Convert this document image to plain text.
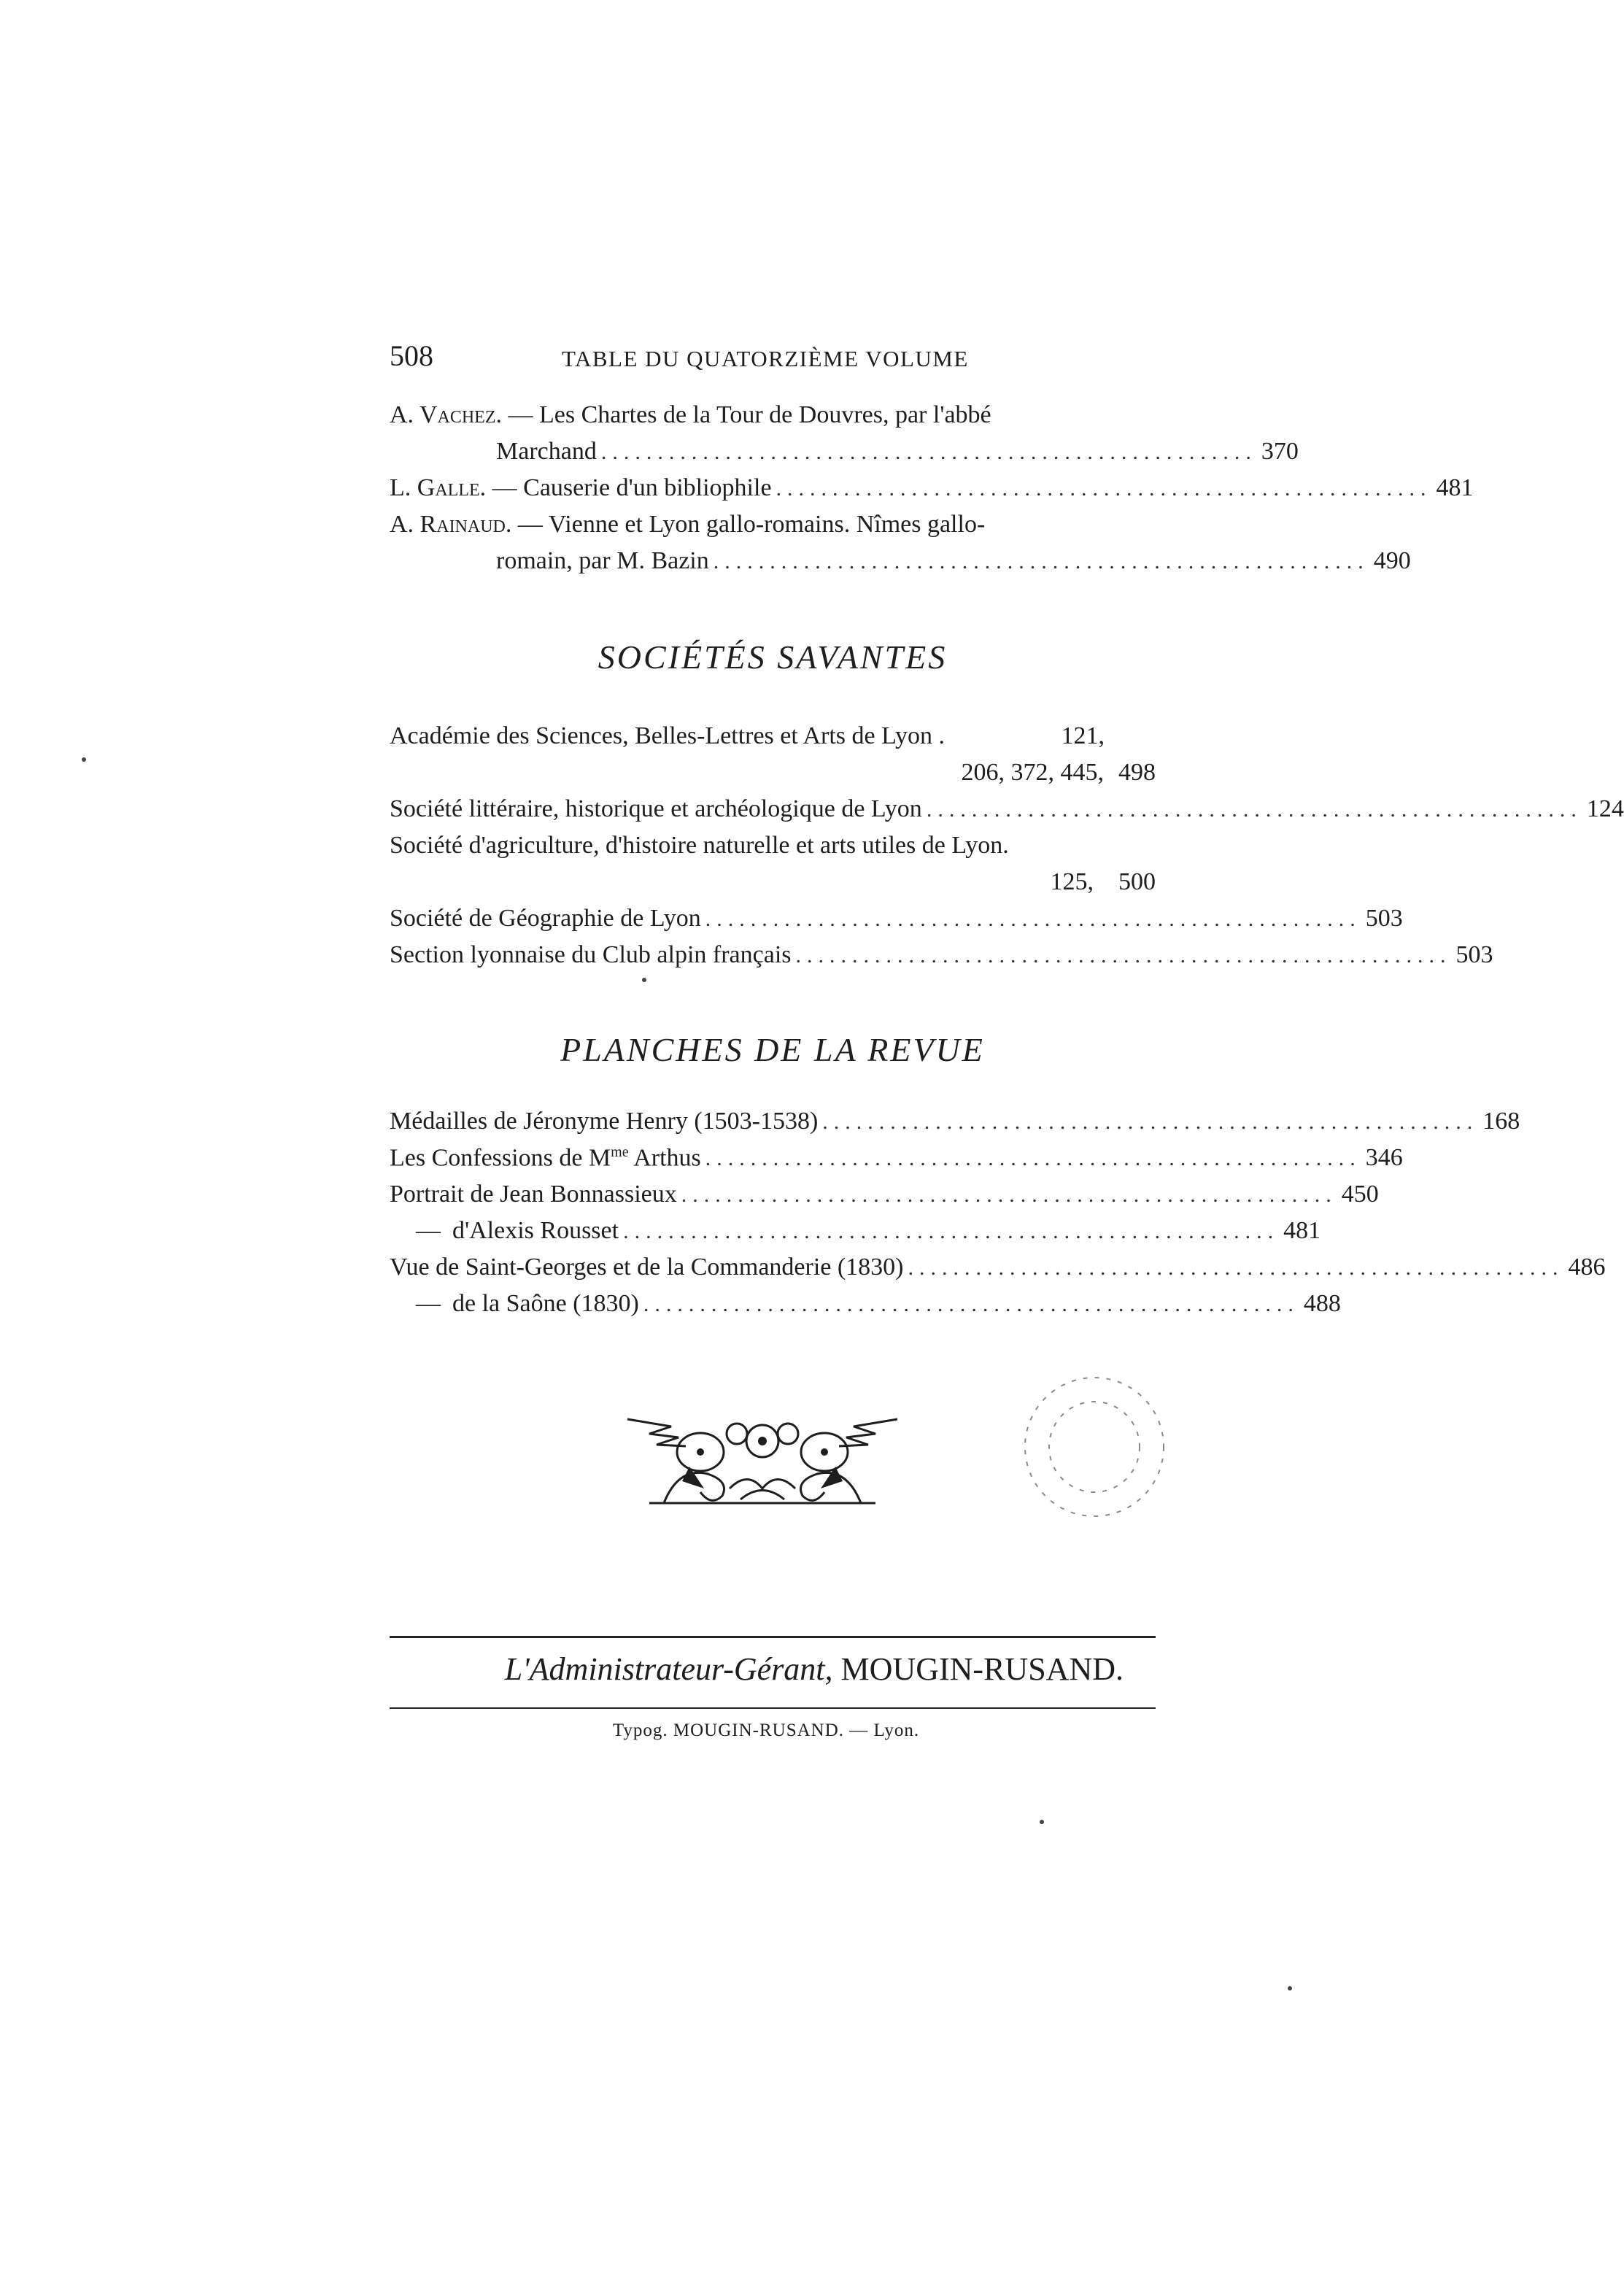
508	TABLE DU QUATORZIÈME VOLUME
A. Vachez. — Les Chartes de la Tour de Douvres, par l'abbé
Marchand .......................................................... 370
L. Galle. — Causerie d'un bibliophile .......................................................... 481
A. Rainaud. — Vienne et Lyon gallo-romains. Nîmes gallo-
romain, par M. Bazin .......................................................... 490
SOCIÉTÉS SAVANTES
Académie des Sciences, Belles-Lettres et Arts de Lyon .	121,
206, 372, 445, 498
Société littéraire, historique et archéologique de Lyon .......................................................... 124
Société d'agriculture, d'histoire naturelle et arts utiles de Lyon.
125, 500
Société de Géographie de Lyon .......................................................... 503
Section lyonnaise du Club alpin français .......................................................... 503
PLANCHES DE LA REVUE
Médailles de Jéronyme Henry (1503-1538) .......................................................... 168
Les Confessions de $M^{me}$ Arthus .......................................................... 346
Portrait de Jean Bonnassieux .......................................................... 450
— d'Alexis Rousset .......................................................... 481
Vue de Saint-Georges et de la Commanderie (1830) .......................................................... 486
— de la Saône (1830) .......................................................... 488
L'Administrateur-Gérant, MOUGIN-RUSAND.
Typog. MOUGIN-RUSAND. — Lyon.
